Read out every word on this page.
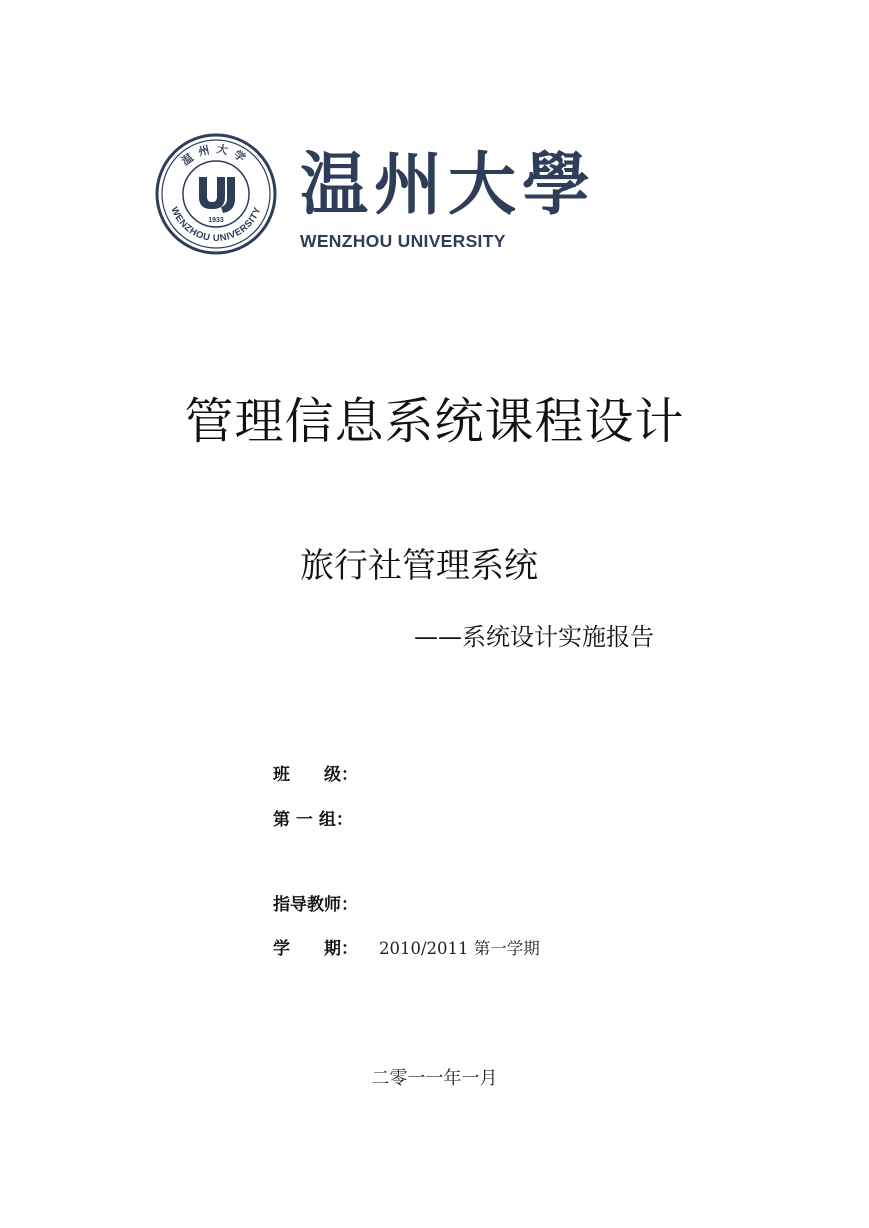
温州大学
WENZHOU UNIVERSITY
1933 温州大學
WENZHOU UNIVERSITY
管理信息系统课程设计
旅行社管理系统
——系统设计实施报告
班　　级：
第 一 组：
指导教师：
学　　期： 2010/2011 第一学期
二零一一年一月
